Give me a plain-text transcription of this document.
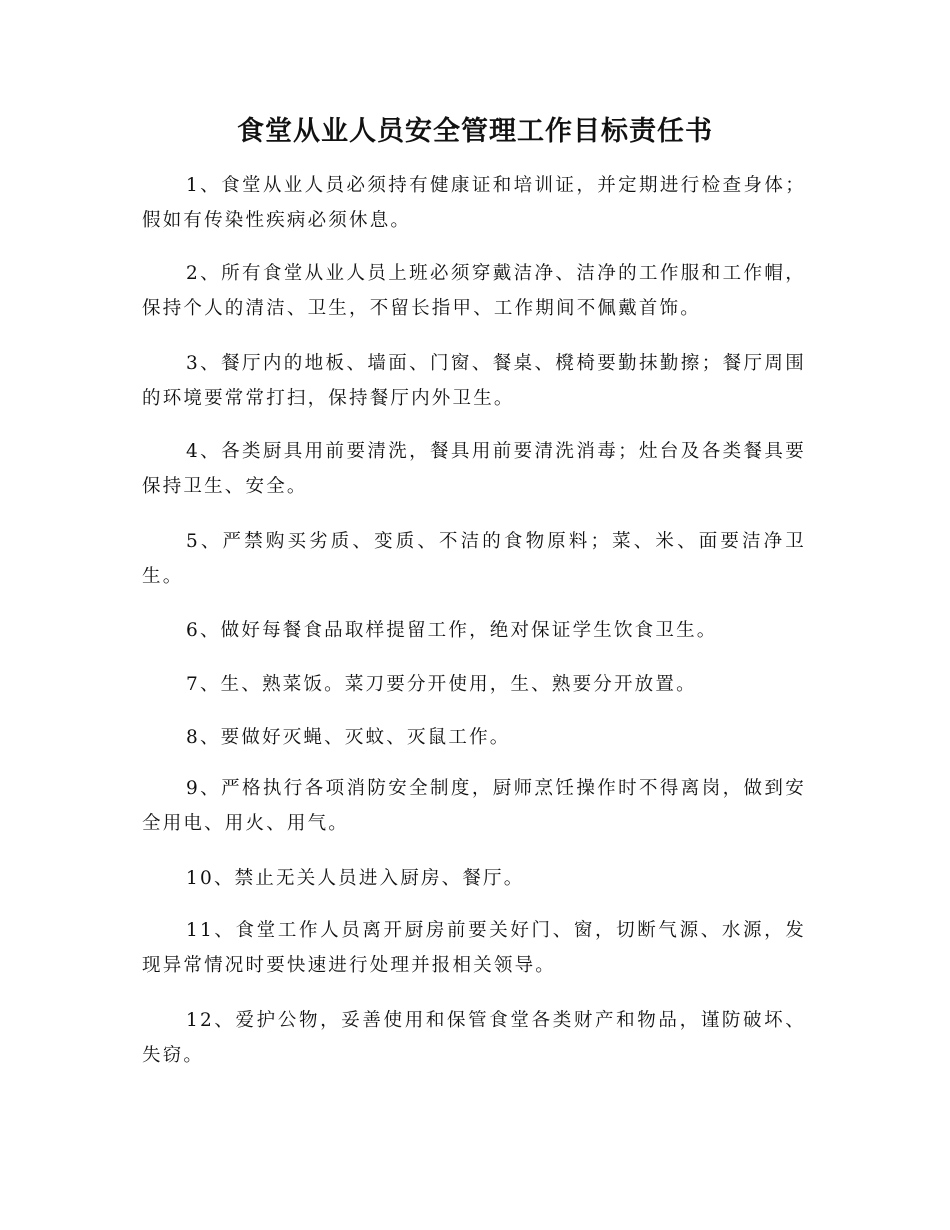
食堂从业人员安全管理工作目标责任书

1、食堂从业人员必须持有健康证和培训证，并定期进行检查身体；假如有传染性疾病必须休息。

2、所有食堂从业人员上班必须穿戴洁净、洁净的工作服和工作帽，保持个人的清洁、卫生，不留长指甲、工作期间不佩戴首饰。

3、餐厅内的地板、墙面、门窗、餐桌、櫈椅要勤抹勤擦；餐厅周围的环境要常常打扫，保持餐厅内外卫生。

4、各类厨具用前要清洗，餐具用前要清洗消毒；灶台及各类餐具要保持卫生、安全。

5、严禁购买劣质、变质、不洁的食物原料；菜、米、面要洁净卫生。

6、做好每餐食品取样提留工作，绝对保证学生饮食卫生。

7、生、熟菜饭。菜刀要分开使用，生、熟要分开放置。

8、要做好灭蝇、灭蚊、灭鼠工作。

9、严格执行各项消防安全制度，厨师烹饪操作时不得离岗，做到安全用电、用火、用气。

10、禁止无关人员进入厨房、餐厅。

11、食堂工作人员离开厨房前要关好门、窗，切断气源、水源，发现异常情况时要快速进行处理并报相关领导。

12、爱护公物，妥善使用和保管食堂各类财产和物品，谨防破坏、失窃。
